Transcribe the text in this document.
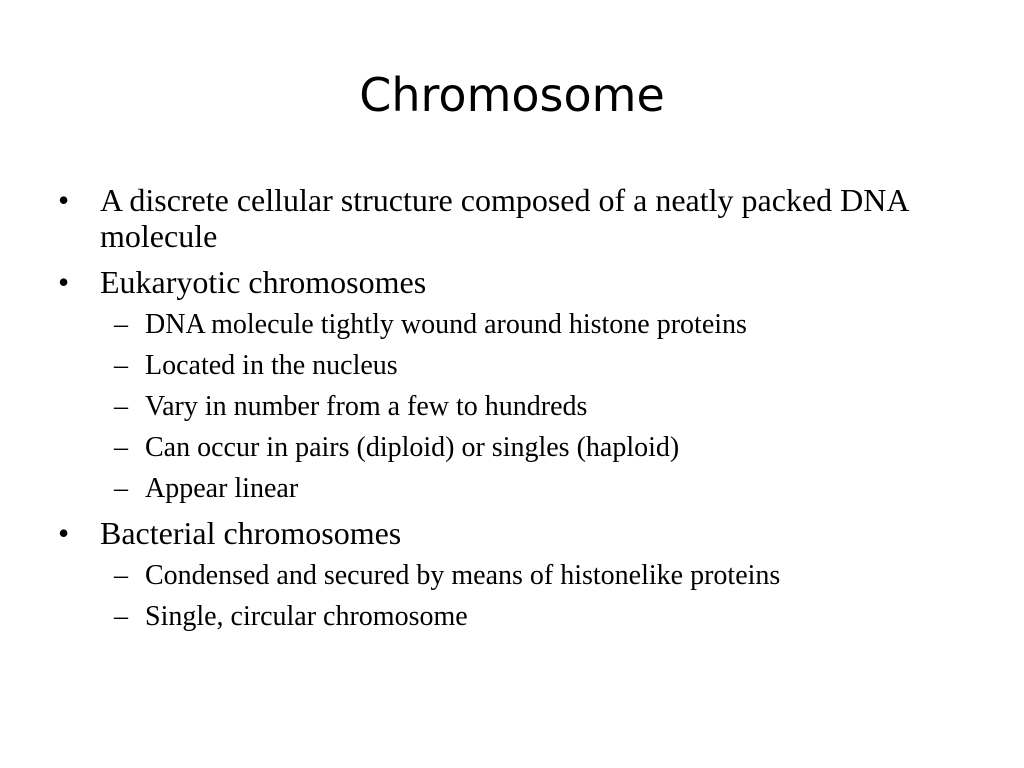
Chromosome
• A discrete cellular structure composed of a neatly packed DNA molecule
• Eukaryotic chromosomes
– DNA molecule tightly wound around histone proteins
– Located in the nucleus
– Vary in number from a few to hundreds
– Can occur in pairs (diploid) or singles (haploid)
– Appear linear
• Bacterial chromosomes
– Condensed and secured by means of histonelike proteins
– Single, circular chromosome
